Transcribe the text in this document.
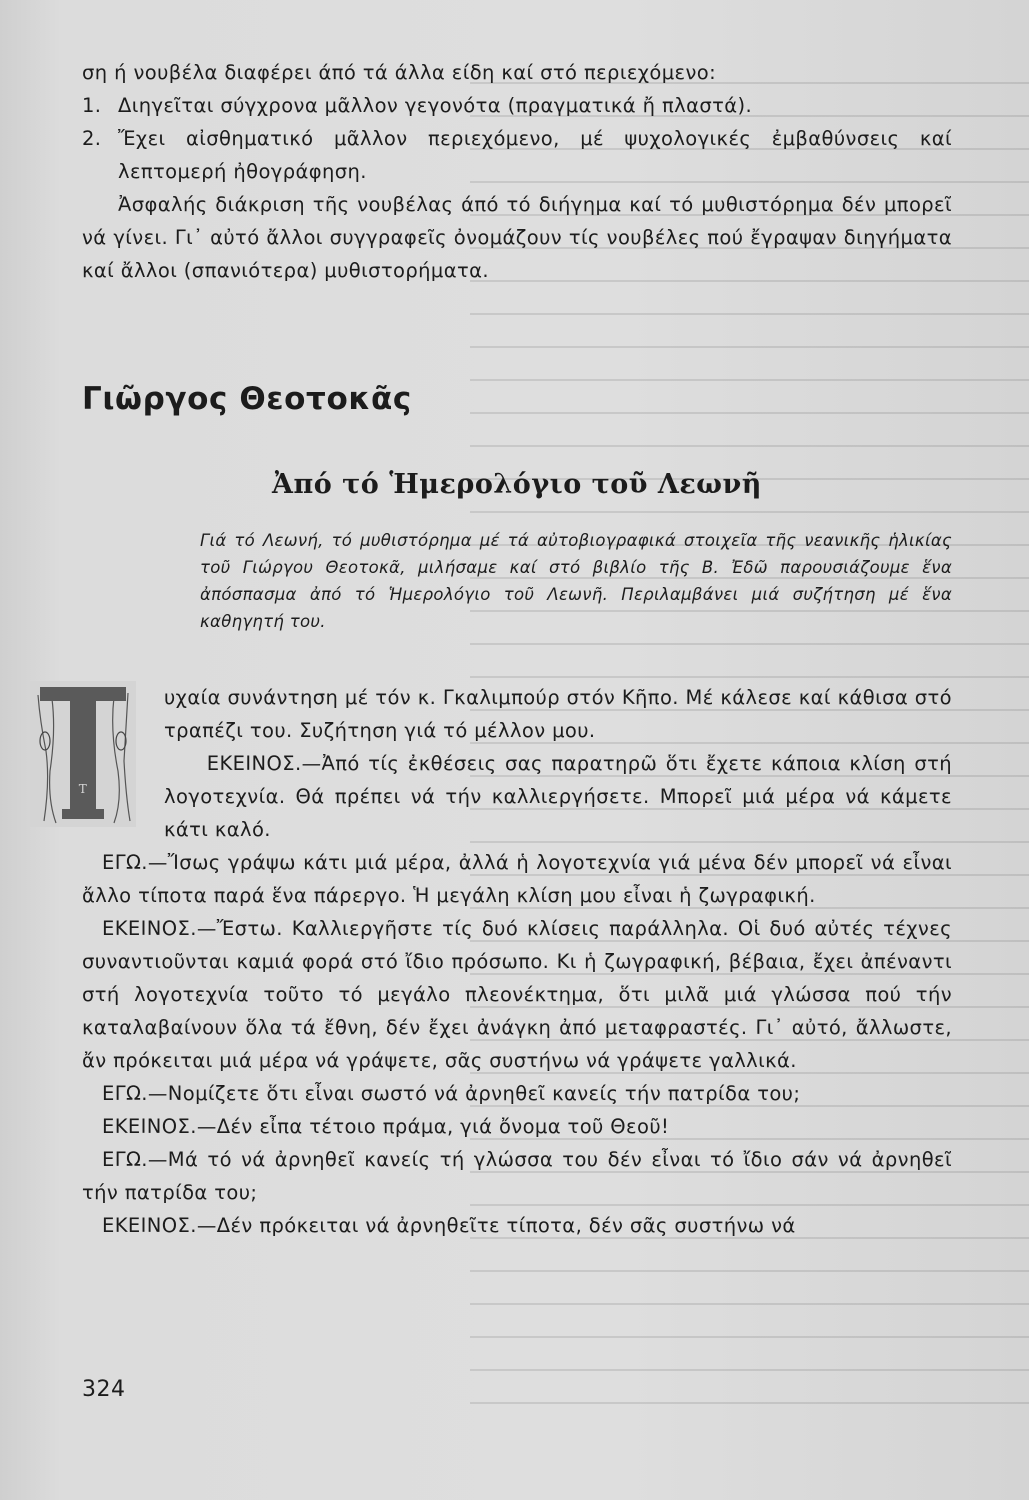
ση ή νουβέλα διαφέρει άπό τά άλλα είδη καί στό περιεχόμενο:

1. Διηγεῖται σύγχρονα μᾶλλον γεγονότα (πραγματικά ἤ πλαστά).
2. Ἔχει αἰσθηματικό μᾶλλον περιεχόμενο, μέ ψυχολογικές ἐμβαθύνσεις καί λεπτομερή ἠθογράφηση.

Ἀσφαλής διάκριση τῆς νουβέλας άπό τό διήγημα καί τό μυθιστόρημα δέν μπορεῖ νά γίνει. Γι᾽ αὐτό ἄλλοι συγγραφεῖς ὀνομάζουν τίς νουβέλες πού ἔγραψαν διηγήματα καί ἄλλοι (σπανιότερα) μυθιστορήματα.

Γιῶργος Θεοτοκᾶς
Ἀπό τό Ἡμερολόγιο τοῦ Λεωνῆ

Γιά τό Λεωνή, τό μυθιστόρημα μέ τά αὐτοβιογραφικά στοιχεῖα τῆς νεανικῆς ἡλικίας τοῦ Γιώργου Θεοτοκᾶ, μιλήσαμε καί στό βιβλίο τῆς Β. Ἐδῶ παρουσιάζουμε ἕνα ἀπόσπασμα ἀπό τό Ἡμερολόγιο τοῦ Λεωνῆ. Περιλαμβάνει μιά συζήτηση μέ ἕνα καθηγητή του.

Τ

υχαία συνάντηση μέ τόν κ. Γκαλιμπούρ στόν Κῆπο. Μέ κάλεσε καί κάθισα στό τραπέζι του. Συζήτηση γιά τό μέλλον μου.
ΕΚΕΙΝΟΣ.—Ἀπό τίς ἐκθέσεις σας παρατηρῶ ὅτι ἔχετε κάποια κλίση στή λογοτεχνία. Θά πρέπει νά τήν καλλιεργήσετε. Μπορεῖ μιά μέρα νά κάμετε κάτι καλό.

ΕΓΩ.—Ἴσως γράψω κάτι μιά μέρα, ἀλλά ἡ λογοτεχνία γιά μένα δέν μπορεῖ νά εἶναι ἄλλο τίποτα παρά ἕνα πάρεργο. Ἡ μεγάλη κλίση μου εἶναι ἡ ζωγραφική.

ΕΚΕΙΝΟΣ.—Ἔστω. Καλλιεργῆστε τίς δυό κλίσεις παράλληλα. Οἱ δυό αὐτές τέχνες συναντιοῦνται καμιά φορά στό ἴδιο πρόσωπο. Κι ἡ ζωγραφική, βέβαια, ἔχει ἀπέναντι στή λογοτεχνία τοῦτο τό μεγάλο πλεονέκτημα, ὅτι μιλᾶ μιά γλώσσα πού τήν καταλαβαίνουν ὅλα τά ἔθνη, δέν ἔχει ἀνάγκη ἀπό μεταφραστές. Γι᾽ αὐτό, ἄλλωστε, ἄν πρόκειται μιά μέρα νά γράψετε, σᾶς συστήνω νά γράψετε γαλλικά.

ΕΓΩ.—Νομίζετε ὅτι εἶναι σωστό νά ἀρνηθεῖ κανείς τήν πατρίδα του;

ΕΚΕΙΝΟΣ.—Δέν εἶπα τέτοιο πράμα, γιά ὄνομα τοῦ Θεοῦ!

ΕΓΩ.—Μά τό νά ἀρνηθεῖ κανείς τή γλώσσα του δέν εἶναι τό ἴδιο σάν νά ἀρνηθεῖ τήν πατρίδα του;

ΕΚΕΙΝΟΣ.—Δέν πρόκειται νά ἀρνηθεῖτε τίποτα, δέν σᾶς συστήνω νά

324
